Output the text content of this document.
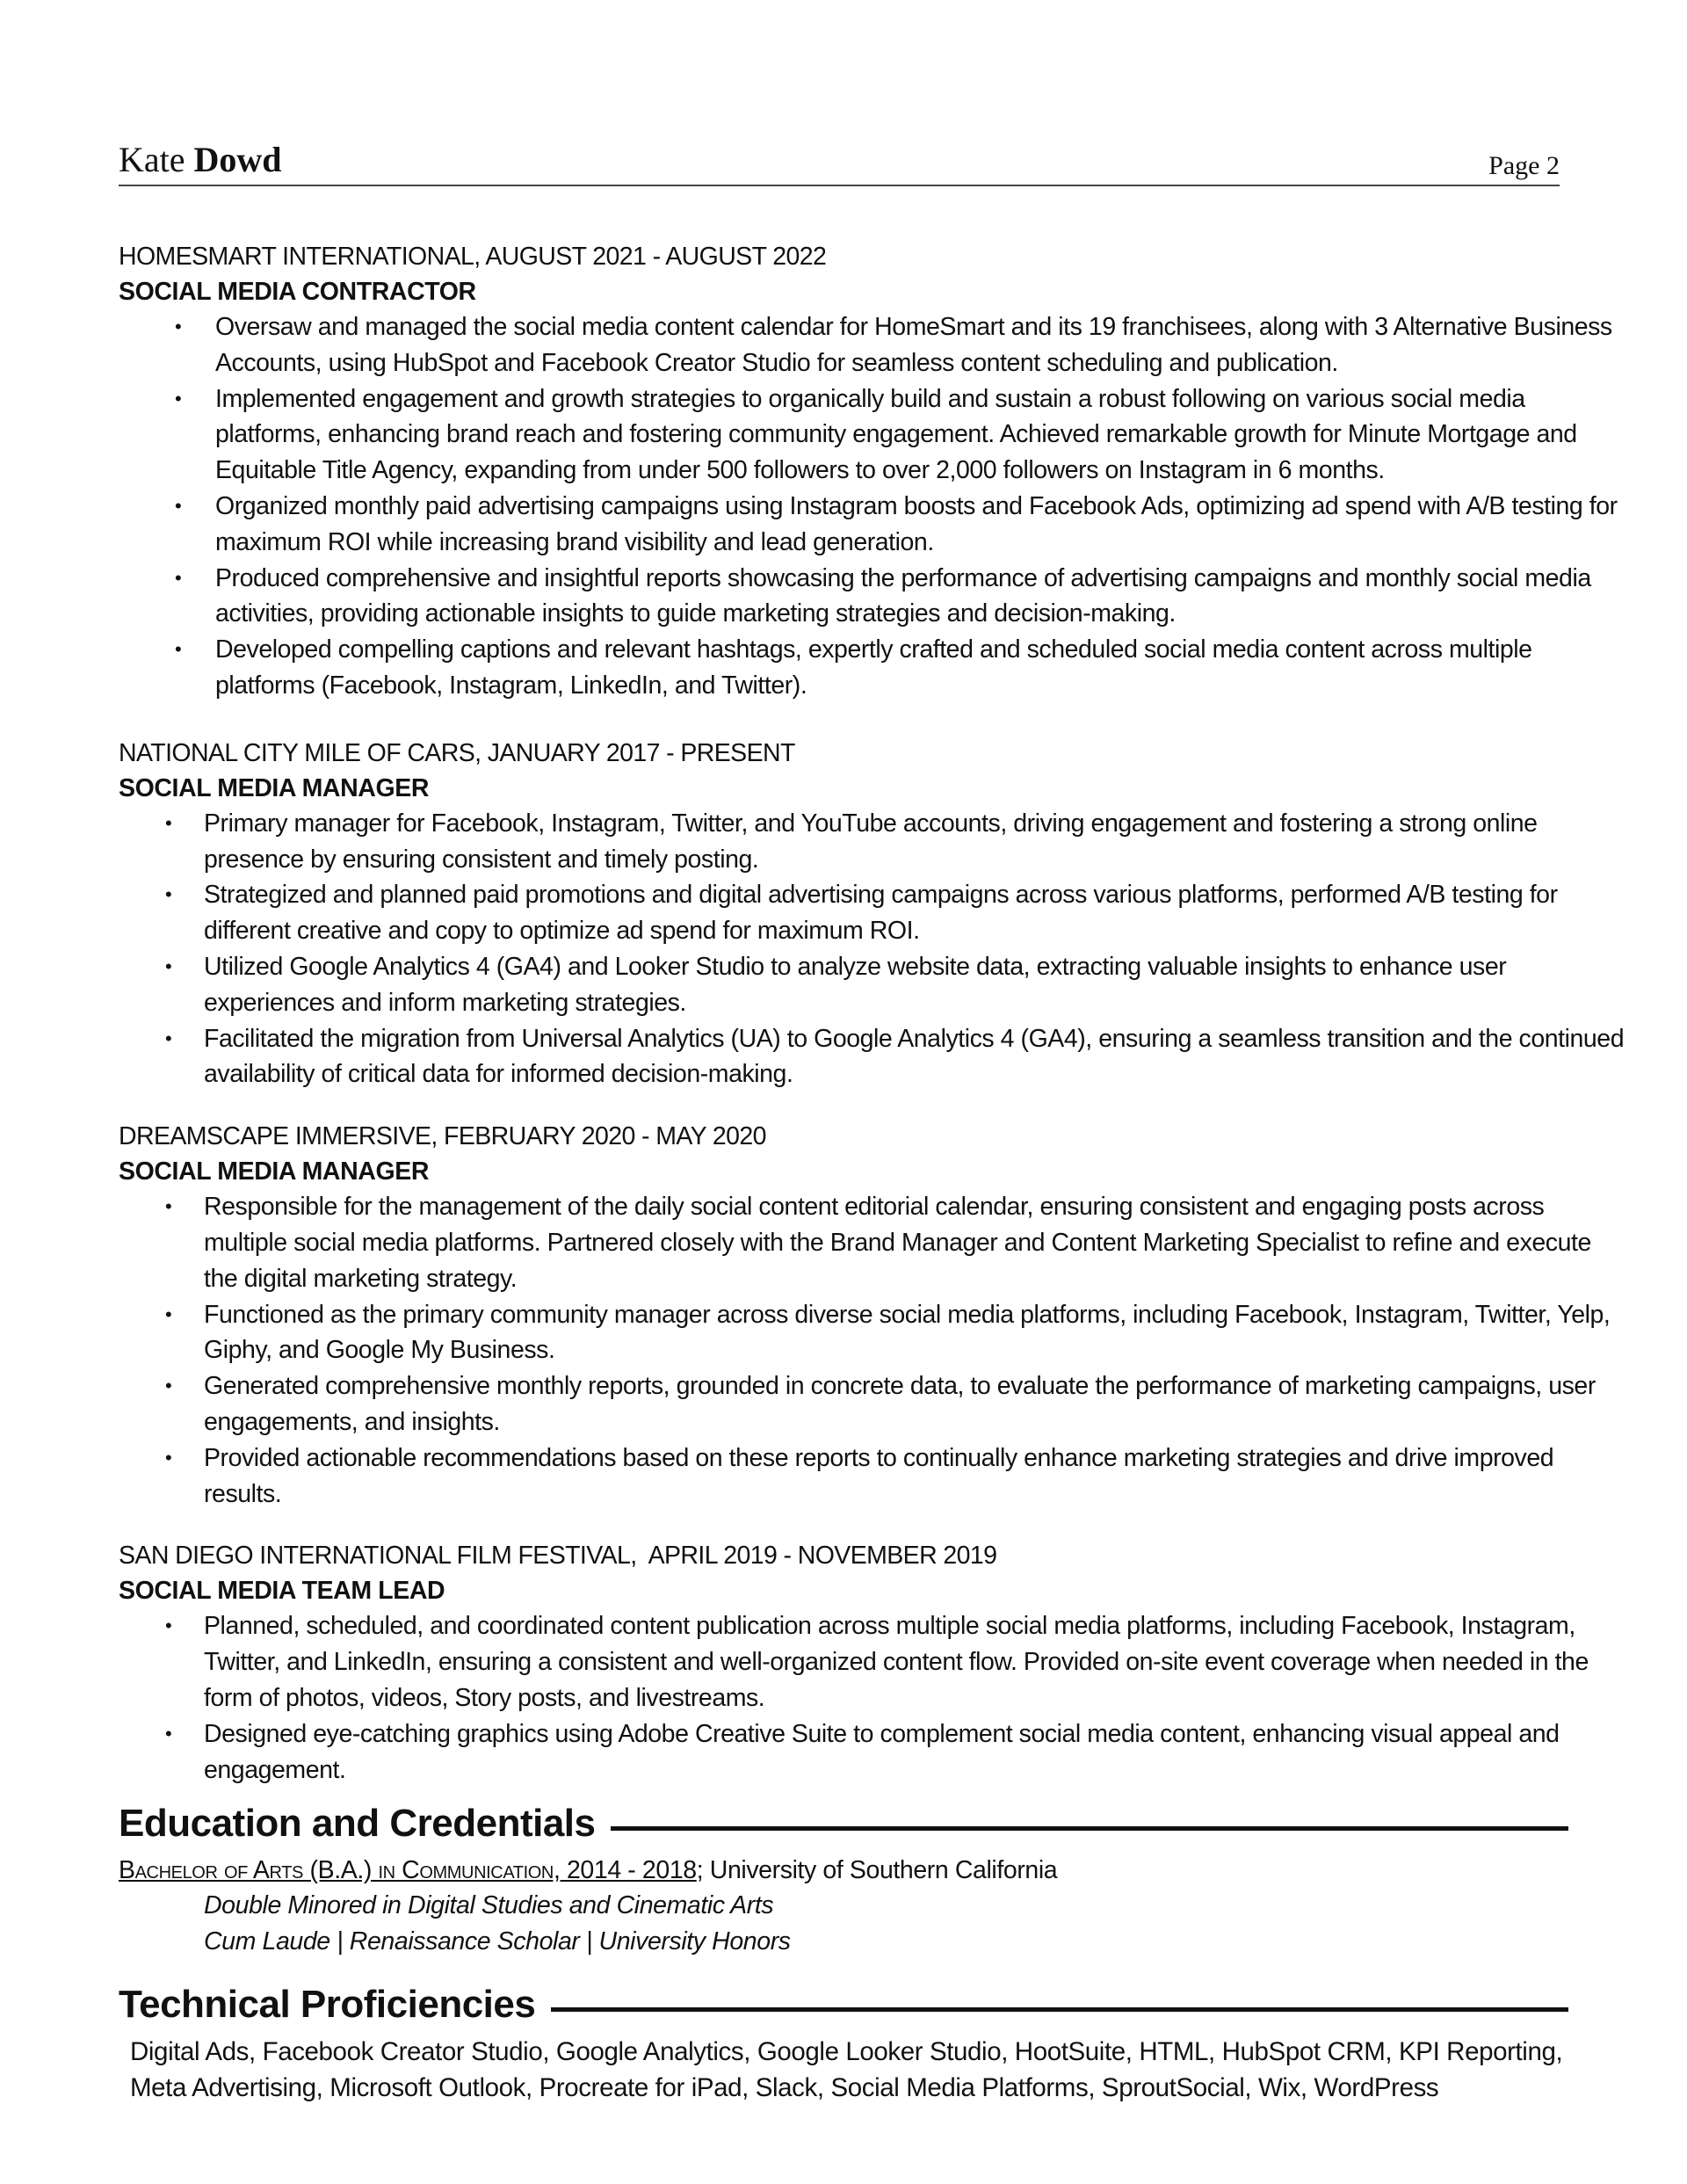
Kate Dowd	Page 2
HOMESMART INTERNATIONAL, AUGUST 2021 - AUGUST 2022
SOCIAL MEDIA CONTRACTOR
• Oversaw and managed the social media content calendar for HomeSmart and its 19 franchisees, along with 3 Alternative Business Accounts, using HubSpot and Facebook Creator Studio for seamless content scheduling and publication.
• Implemented engagement and growth strategies to organically build and sustain a robust following on various social media platforms, enhancing brand reach and fostering community engagement. Achieved remarkable growth for Minute Mortgage and Equitable Title Agency, expanding from under 500 followers to over 2,000 followers on Instagram in 6 months.
• Organized monthly paid advertising campaigns using Instagram boosts and Facebook Ads, optimizing ad spend with A/B testing for maximum ROI while increasing brand visibility and lead generation.
• Produced comprehensive and insightful reports showcasing the performance of advertising campaigns and monthly social media activities, providing actionable insights to guide marketing strategies and decision-making.
• Developed compelling captions and relevant hashtags, expertly crafted and scheduled social media content across multiple platforms (Facebook, Instagram, LinkedIn, and Twitter).
NATIONAL CITY MILE OF CARS, JANUARY 2017 - PRESENT
SOCIAL MEDIA MANAGER
• Primary manager for Facebook, Instagram, Twitter, and YouTube accounts, driving engagement and fostering a strong online presence by ensuring consistent and timely posting.
• Strategized and planned paid promotions and digital advertising campaigns across various platforms, performed A/B testing for different creative and copy to optimize ad spend for maximum ROI.
• Utilized Google Analytics 4 (GA4) and Looker Studio to analyze website data, extracting valuable insights to enhance user experiences and inform marketing strategies.
• Facilitated the migration from Universal Analytics (UA) to Google Analytics 4 (GA4), ensuring a seamless transition and the continued availability of critical data for informed decision-making.
DREAMSCAPE IMMERSIVE, FEBRUARY 2020 - MAY 2020
SOCIAL MEDIA MANAGER
• Responsible for the management of the daily social content editorial calendar, ensuring consistent and engaging posts across multiple social media platforms. Partnered closely with the Brand Manager and Content Marketing Specialist to refine and execute the digital marketing strategy.
• Functioned as the primary community manager across diverse social media platforms, including Facebook, Instagram, Twitter, Yelp, Giphy, and Google My Business.
• Generated comprehensive monthly reports, grounded in concrete data, to evaluate the performance of marketing campaigns, user engagements, and insights.
• Provided actionable recommendations based on these reports to continually enhance marketing strategies and drive improved results.
SAN DIEGO INTERNATIONAL FILM FESTIVAL,  APRIL 2019 - NOVEMBER 2019
SOCIAL MEDIA TEAM LEAD
• Planned, scheduled, and coordinated content publication across multiple social media platforms, including Facebook, Instagram, Twitter, and LinkedIn, ensuring a consistent and well-organized content flow. Provided on-site event coverage when needed in the form of photos, videos, Story posts, and livestreams.
• Designed eye-catching graphics using Adobe Creative Suite to complement social media content, enhancing visual appeal and engagement.
Education and Credentials
Bachelor of Arts (B.A.) in Communication, 2014 - 2018; University of Southern California
Double Minored in Digital Studies and Cinematic Arts
Cum Laude | Renaissance Scholar | University Honors
Technical Proficiencies
Digital Ads, Facebook Creator Studio, Google Analytics, Google Looker Studio, HootSuite, HTML, HubSpot CRM, KPI Reporting, Meta Advertising, Microsoft Outlook, Procreate for iPad, Slack, Social Media Platforms, SproutSocial, Wix, WordPress
